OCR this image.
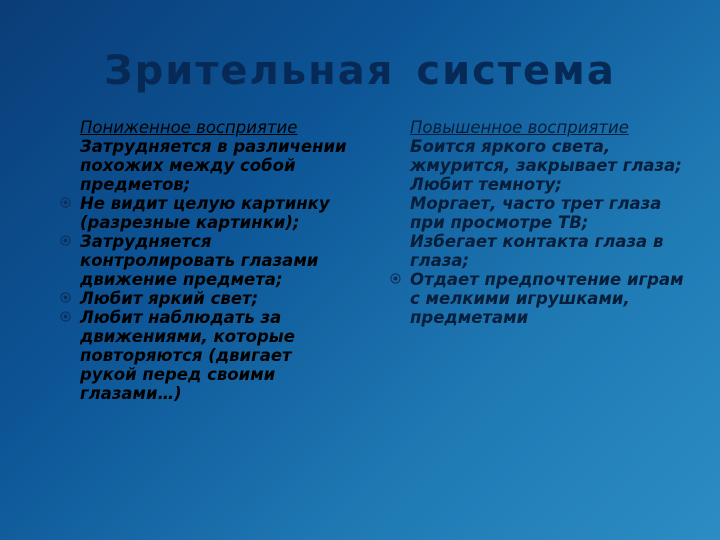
Зрительная система
Пониженное восприятие
Затрудняется в различении похожих между собой предметов;
Не видит целую картинку (разрезные картинки);
Затрудняется контролировать глазами движение предмета;
Любит яркий свет;
Любит наблюдать за движениями, которые повторяются (двигает рукой перед своими глазами…)
Повышенное восприятие
Боится яркого света, жмурится, закрывает глаза;
Любит темноту;
Моргает, часто трет глаза при просмотре ТВ;
Избегает контакта глаза в глаза;
Отдает предпочтение играм с мелкими игрушками, предметами
